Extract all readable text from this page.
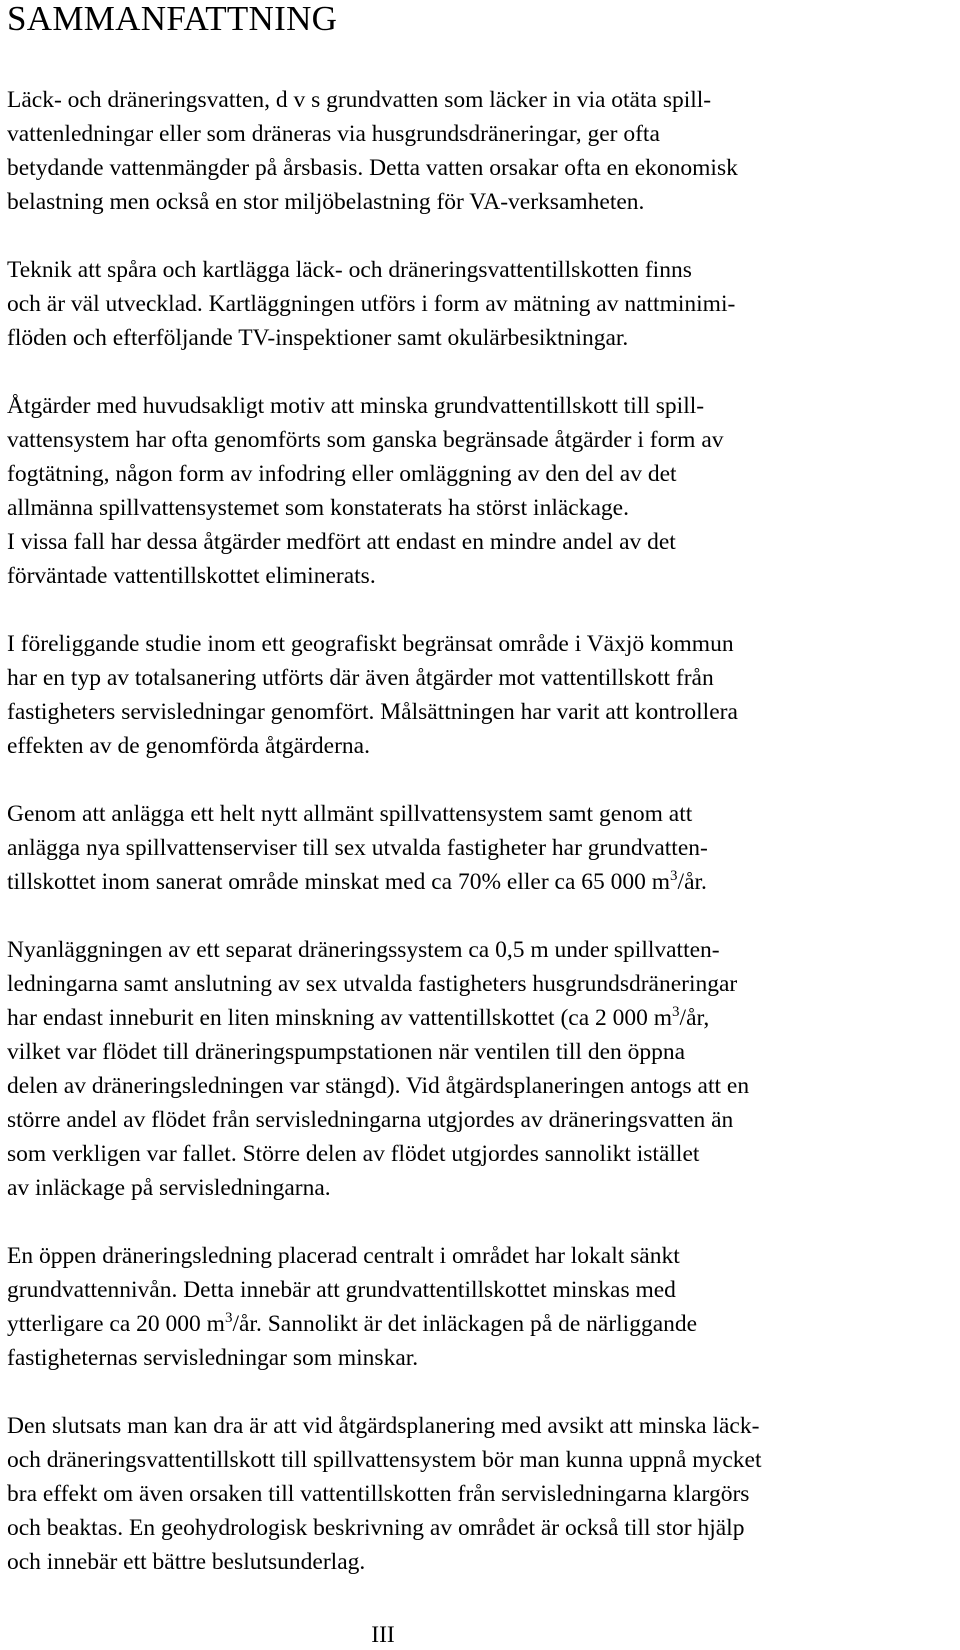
SAMMANFATTNING

Läck- och dräneringsvatten, d v s grundvatten som läcker in via otäta spill-
vattenledningar eller som dräneras via husgrundsdräneringar, ger ofta
betydande vattenmängder på årsbasis. Detta vatten orsakar ofta en ekonomisk
belastning men också en stor miljöbelastning för VA-verksamheten.

Teknik att spåra och kartlägga läck- och dräneringsvattentillskotten finns
och är väl utvecklad. Kartläggningen utförs i form av mätning av nattminimi-
flöden och efterföljande TV-inspektioner samt okulärbesiktningar.

Åtgärder med huvudsakligt motiv att minska grundvattentillskott till spill-
vattensystem har ofta genomförts som ganska begränsade åtgärder i form av
fogtätning, någon form av infodring eller omläggning av den del av det
allmänna spillvattensystemet som konstaterats ha störst inläckage.
I vissa fall har dessa åtgärder medfört att endast en mindre andel av det
förväntade vattentillskottet eliminerats.

I föreliggande studie inom ett geografiskt begränsat område i Växjö kommun
har en typ av totalsanering utförts där även åtgärder mot vattentillskott från
fastigheters servisledningar genomfört. Målsättningen har varit att kontrollera
effekten av de genomförda åtgärderna.

Genom att anlägga ett helt nytt allmänt spillvattensystem samt genom att
anlägga nya spillvattenserviser till sex utvalda fastigheter har grundvatten-
tillskottet inom sanerat område minskat med ca 70% eller ca 65 000 $m^3/år$.

Nyanläggningen av ett separat dräneringssystem ca 0,5 m under spillvatten-
ledningarna samt anslutning av sex utvalda fastigheters husgrundsdräneringar
har endast inneburit en liten minskning av vattentillskottet (ca 2 000 $m^3/år$,
vilket var flödet till dräneringspumpstationen när ventilen till den öppna
delen av dräneringsledningen var stängd). Vid åtgärdsplaneringen antogs att en
större andel av flödet från servisledningarna utgjordes av dräneringsvatten än
som verkligen var fallet. Större delen av flödet utgjordes sannolikt istället
av inläckage på servisledningarna.

En öppen dräneringsledning placerad centralt i området har lokalt sänkt
grundvattennivån. Detta innebär att grundvattentillskottet minskas med
ytterligare ca 20 000 $m^3/år$. Sannolikt är det inläckagen på de närliggande
fastigheternas servisledningar som minskar.

Den slutsats man kan dra är att vid åtgärdsplanering med avsikt att minska läck-
och dräneringsvattentillskott till spillvattensystem bör man kunna uppnå mycket
bra effekt om även orsaken till vattentillskotten från servisledningarna klargörs
och beaktas. En geohydrologisk beskrivning av området är också till stor hjälp
och innebär ett bättre beslutsunderlag.

III
